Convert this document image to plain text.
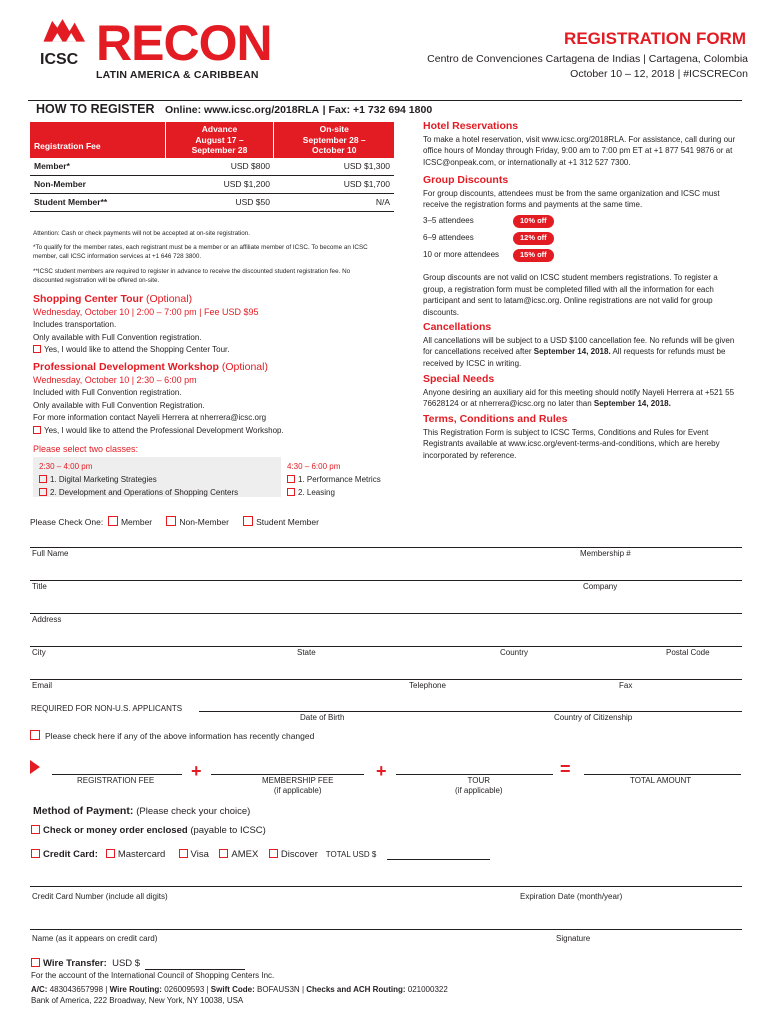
ICSC RECON
LATIN AMERICA & CARIBBEAN
REGISTRATION FORM
Centro de Convenciones Cartagena de Indias | Cartagena, Colombia
October 10 – 12, 2018 | #ICSCRECon
HOW TO REGISTER Online: www.icsc.org/2018RLA | Fax: +1 732 694 1800
Registration Fee	Advance
August 17 –
September 28	On-site
September 28 –
October 10
Member*	USD $800	USD $1,300
Non-Member	USD $1,200	USD $1,700
Student Member**	USD $50	N/A
Attention: Cash or check payments will not be accepted at on-site registration.
*To qualify for the member rates, each registrant must be a member or an affiliate member of ICSC. To become an ICSC member, call ICSC information services at +1 646 728 3800.
**ICSC student members are required to register in advance to receive the discounted student registration fee. No discounted registration will be offered on-site.
Shopping Center Tour (Optional)
Wednesday, October 10 | 2:00 – 7:00 pm | Fee USD $95
Includes transportation.
Only available with Full Convention registration.
Yes, I would like to attend the Shopping Center Tour.
Professional Development Workshop (Optional)
Wednesday, October 10 | 2:30 – 6:00 pm
Included with Full Convention registration.
Only available with Full Convention Registration.
For more information contact Nayeli Herrera at nherrera@icsc.org
Yes, I would like to attend the Professional Development Workshop.
Please select two classes:
2:30 – 4:00 pm
1. Digital Marketing Strategies
2. Development and Operations of Shopping Centers
4:30 – 6:00 pm
1. Performance Metrics
2. Leasing
Hotel Reservations
To make a hotel reservation, visit www.icsc.org/2018RLA. For assistance, call during our office hours of Monday through Friday, 9:00 am to 7:00 pm ET at +1 877 541 9876 or at ICSC@onpeak.com, or internationally at +1 312 527 7300.
Group Discounts
For group discounts, attendees must be from the same organization and ICSC must receive the registration forms and payments at the same time.
3–5 attendees	10% off
6–9 attendees	12% off
10 or more attendees	15% off
Group discounts are not valid on ICSC student members registrations. To register a group, a registration form must be completed filled with all the information for each participant and sent to latam@icsc.org. Online registrations are not valid for group discounts.
Cancellations
All cancellations will be subject to a USD $100 cancellation fee. No refunds will be given for cancellations received after September 14, 2018. All requests for refunds must be received by ICSC in writing.
Special Needs
Anyone desiring an auxiliary aid for this meeting should notify Nayeli Herrera at +521 55 76628124 or at nherrera@icsc.org no later than September 14, 2018.
Terms, Conditions and Rules
This Registration Form is subject to ICSC Terms, Conditions and Rules for Event Registrants available at www.icsc.org/event-terms-and-conditions, which are hereby incorporated by reference.
Please Check One: Member	Non-Member	Student Member
Full Name	Membership #
Title	Company
Address
City	State	Country	Postal Code
Email	Telephone	Fax
REQUIRED FOR NON-U.S. APPLICANTS
Date of Birth	Country of Citizenship
Please check here if any of the above information has recently changed
REGISTRATION FEE +	MEMBERSHIP FEE
(if applicable)
+	TOUR
(if applicable)
=
TOTAL AMOUNT
Method of Payment: (Please check your choice)
Check or money order enclosed (payable to ICSC)
Credit Card: Mastercard	Visa AMEX Discover TOTAL USD $
Credit Card Number (include all digits)	Expiration Date (month/year)
Name (as it appears on credit card)	Signature
Wire Transfer: USD $
For the account of the International Council of Shopping Centers Inc.
A/C: 483043657998 | Wire Routing: 026009593 | Swift Code: BOFAUS3N | Checks and ACH Routing: 021000322
Bank of America, 222 Broadway, New York, NY 10038, USA
